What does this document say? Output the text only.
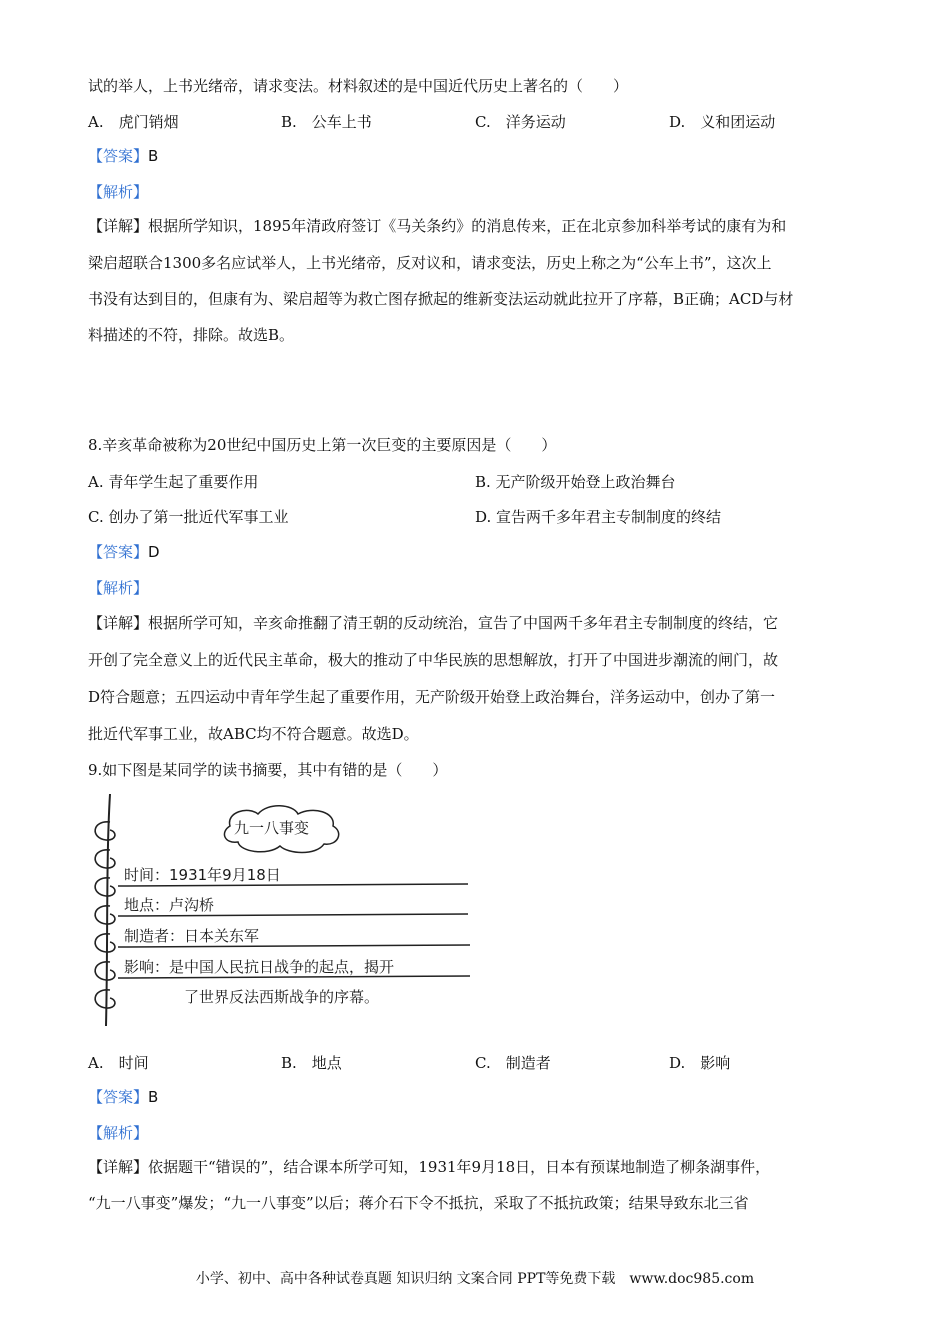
试的举人，上书光绪帝，请求变法。材料叙述的是中国近代历史上著名的（　　）
A.　虎门销烟	B.　公车上书	C.　洋务运动	D.　义和团运动
【答案】B
【解析】
【详解】根据所学知识，1895年清政府签订《马关条约》的消息传来，正在北京参加科举考试的康有为和
梁启超联合1300多名应试举人，上书光绪帝，反对议和，请求变法，历史上称之为“公车上书”，这次上
书没有达到目的，但康有为、梁启超等为救亡图存掀起的维新变法运动就此拉开了序幕，B正确；ACD与材
料描述的不符，排除。故选B。
8.辛亥革命被称为20世纪中国历史上第一次巨变的主要原因是（　　）
A. 青年学生起了重要作用	B. 无产阶级开始登上政治舞台
C. 创办了第一批近代军事工业	D. 宣告两千多年君主专制制度的终结
【答案】D
【解析】
【详解】根据所学可知，辛亥命推翻了清王朝的反动统治，宣告了中国两千多年君主专制制度的终结，它
开创了完全意义上的近代民主革命，极大的推动了中华民族的思想解放，打开了中国进步潮流的闸门，故
D符合题意；五四运动中青年学生起了重要作用，无产阶级开始登上政治舞台，洋务运动中，创办了第一
批近代军事工业，故ABC均不符合题意。故选D。
9.如下图是某同学的读书摘要，其中有错的是（　　）
九一八事变
时间：1931年9月18日
地点：卢沟桥
制造者：日本关东军
影响：是中国人民抗日战争的起点，揭开
了世界反法西斯战争的序幕。
A.　时间	B.　地点	C.　制造者	D.　影响
【答案】B
【解析】
【详解】依据题干“错误的”，结合课本所学可知，1931年9月18日，日本有预谋地制造了柳条湖事件，
“九一八事变”爆发；“九一八事变”以后；蒋介石下令不抵抗，采取了不抵抗政策；结果导致东北三省
小学、初中、高中各种试卷真题 知识归纳 文案合同 PPT等免费下载　www.doc985.com
